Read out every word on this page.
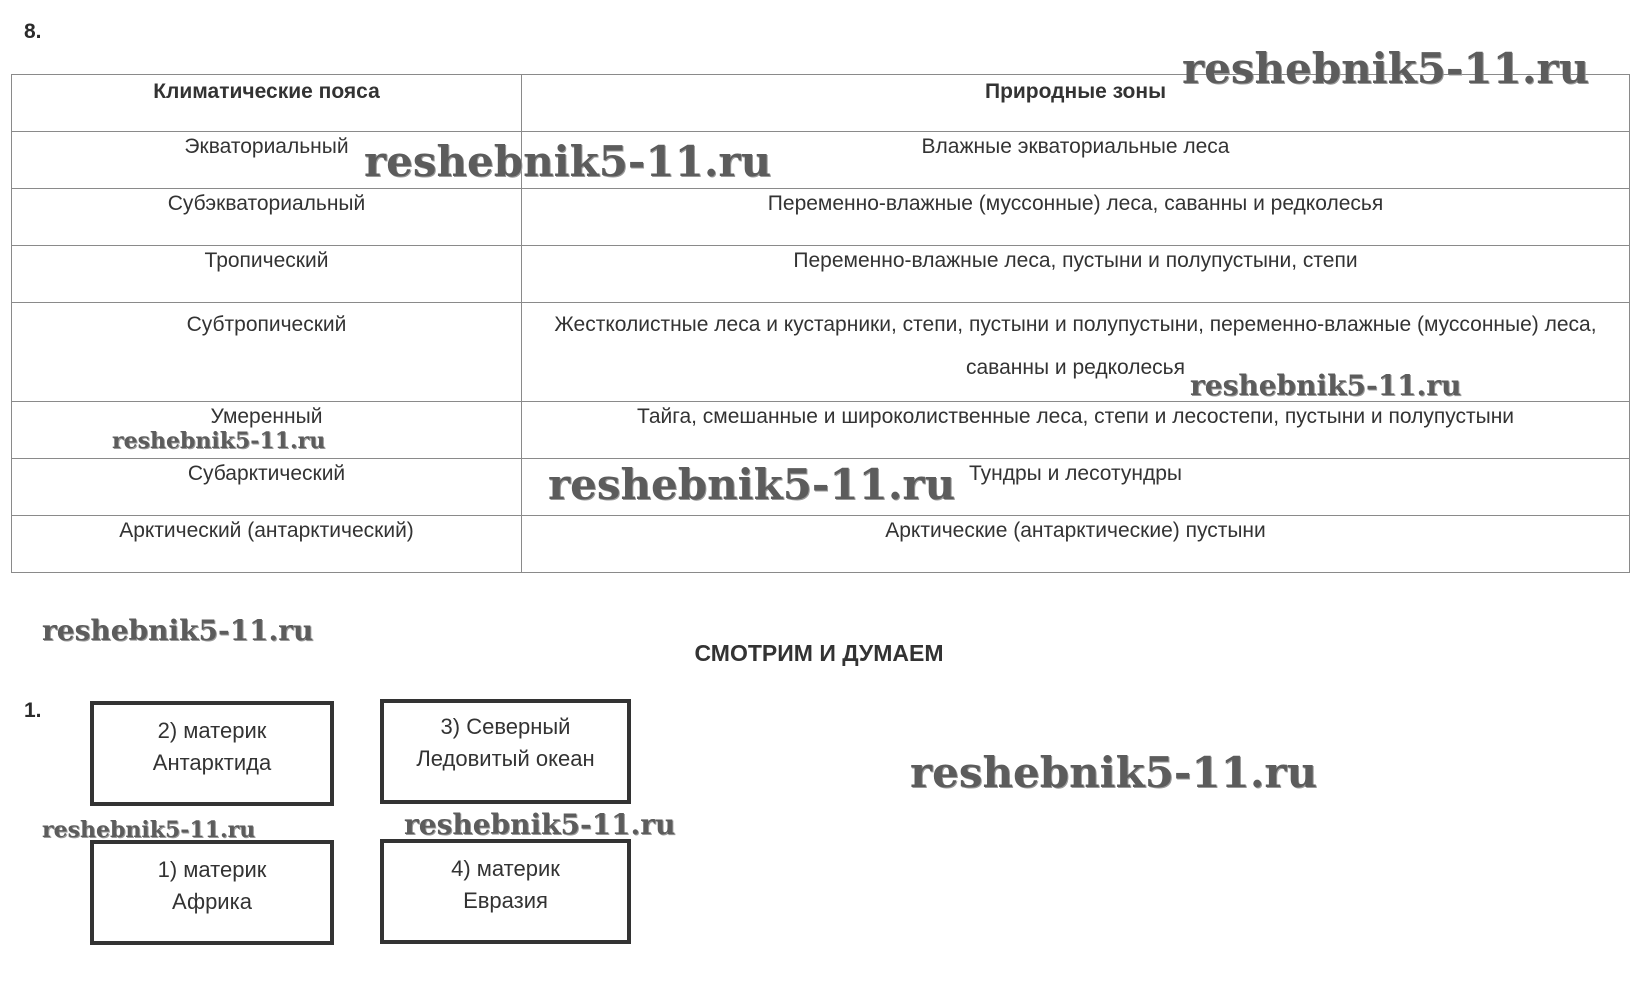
8.
Климатические пояса	Природные зоны
Экваториальный	Влажные экваториальные леса
Субэкваториальный	Переменно-влажные (муссонные) леса, саванны и редколесья
Тропический	Переменно-влажные леса, пустыни и полупустыни, степи
Субтропический	Жестколистные леса и кустарники, степи, пустыни и полупустыни, переменно-влажные (муссонные) леса, саванны и редколесья
Умеренный	Тайга, смешанные и широколиственные леса, степи и лесостепи, пустыни и полупустыни
Субарктический	Тундры и лесотундры
Арктический (антарктический)	Арктические (антарктические) пустыни
СМОТРИМ И ДУМАЕМ
1.
2) материк
Антарктида
3) Северный
Ледовитый океан
1) материк
Африка
4) материк
Евразия
reshebnik5-11.ru
reshebnik5-11.ru
reshebnik5-11.ru
reshebnik5-11.ru
reshebnik5-11.ru
reshebnik5-11.ru
reshebnik5-11.ru
reshebnik5-11.ru	reshebnik5-11.ru
